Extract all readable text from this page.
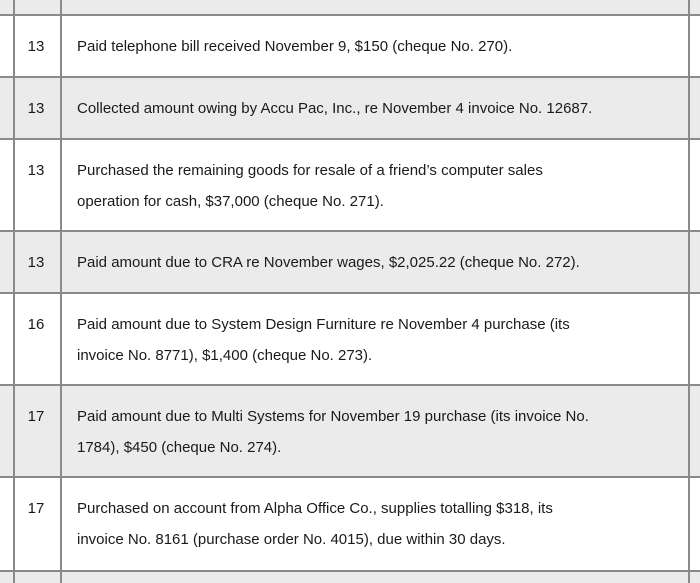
13	Paid telephone bill received November 9, $150 (cheque No. 270).
13	Collected amount owing by Accu Pac, Inc., re November 4 invoice No. 12687.
13	Purchased the remaining goods for resale of a friend’s computer sales
operation for cash, $37,000 (cheque No. 271).
13	Paid amount due to CRA re November wages, $2,025.22 (cheque No. 272).
16	Paid amount due to System Design Furniture re November 4 purchase (its
invoice No. 8771), $1,400 (cheque No. 273).
17	Paid amount due to Multi Systems for November 19 purchase (its invoice No.
1784), $450 (cheque No. 274).
17	Purchased on account from Alpha Office Co., supplies totalling $318, its
invoice No. 8161 (purchase order No. 4015), due within 30 days.
